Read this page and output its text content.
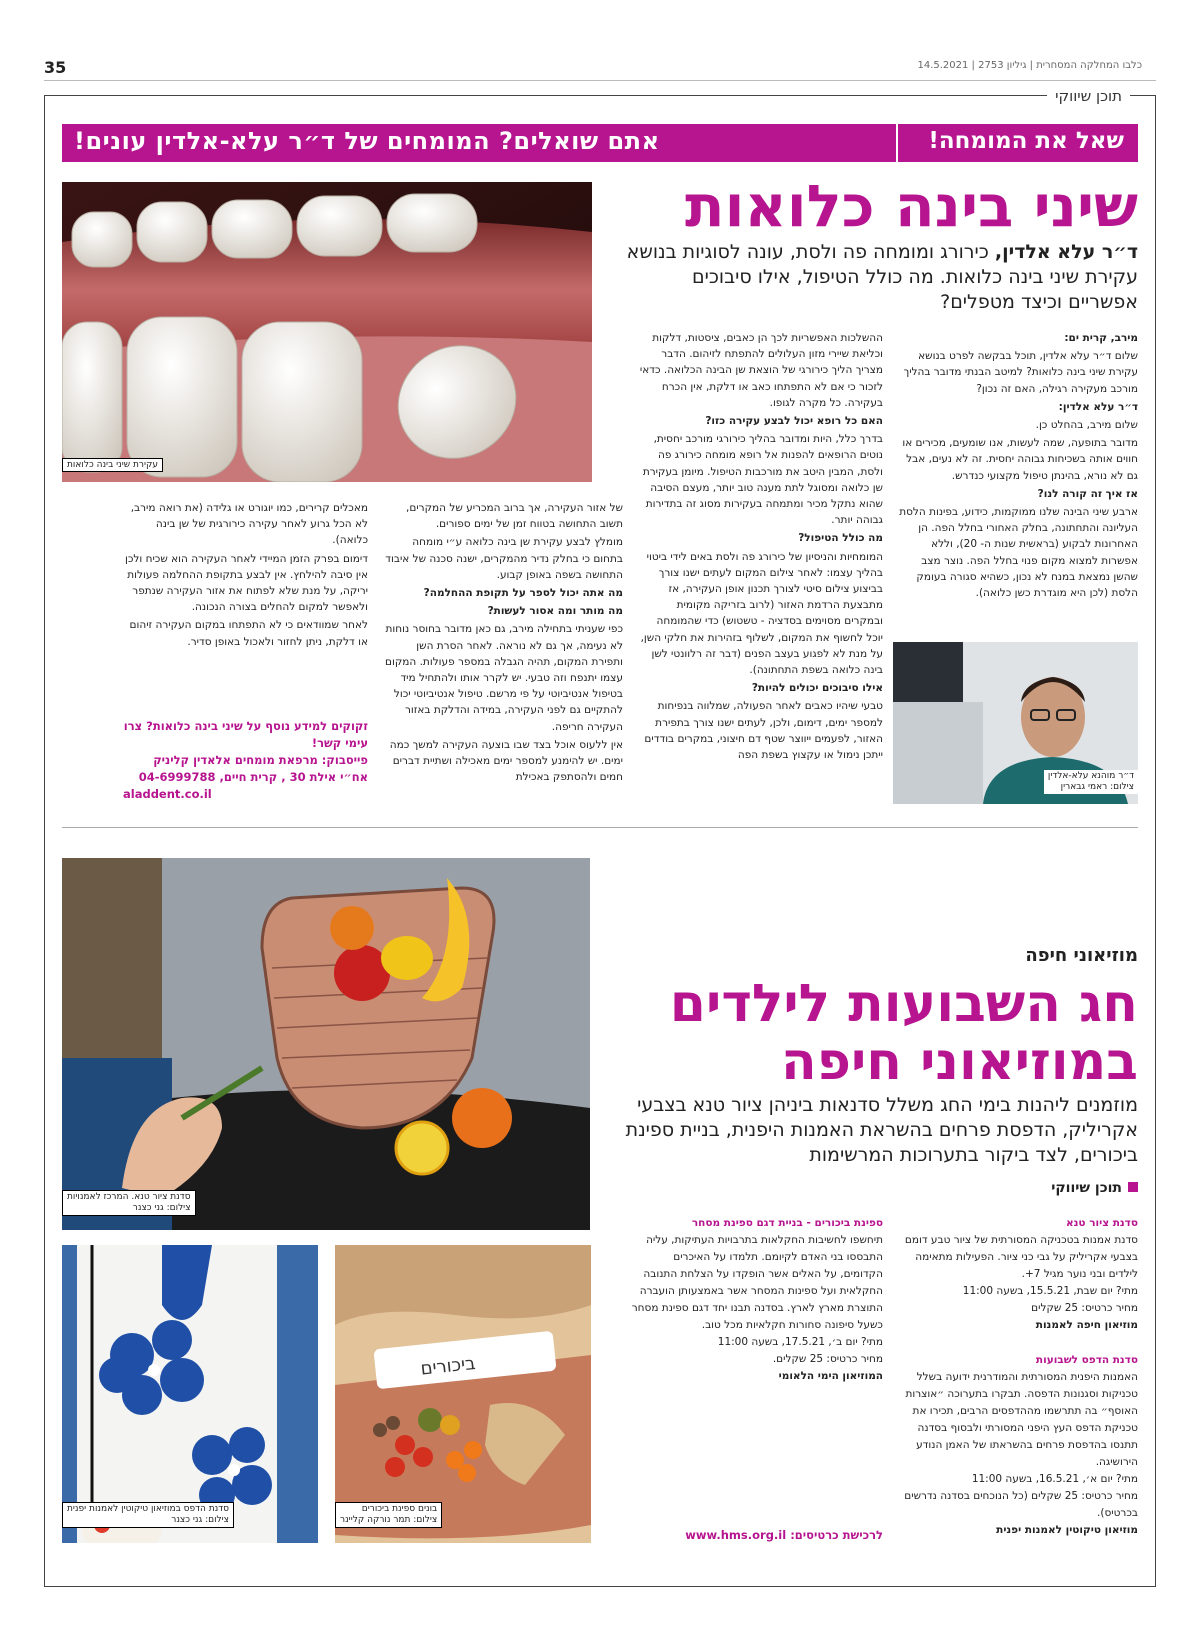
35	כלבו המחלקה המסחרית | גיליון 2753 | 14.5.2021
תוכן שיווקי
שאל את המומחה!
אתם שואלים? המומחים של ד״ר עלא-אלדין עונים!
שיני בינה כלואות
ד״ר עלא אלדין, כירורג ומומחה פה ולסת, עונה לסוגיות בנושא עקירת שיני בינה כלואות. מה כולל הטיפול, אילו סיבוכים אפשריים וכיצד מטפלים?
עקירת שיני בינה כלואות

מירב, קרית ים:

שלום ד״ר עלא אלדין, תוכל בבקשה לפרט בנושא עקירת שיני בינה כלואות? למיטב הבנתי מדובר בהליך מורכב מעקירה רגילה, האם זה נכון?

ד״ר עלא אלדין:

שלום מירב, בהחלט כן.

מדובר בתופעה, שמה לעשות, אנו שומעים, מכירים או חווים אותה בשכיחות גבוהה יחסית. זה לא נעים, אבל גם לא נורא, בהינתן טיפול מקצועי כנדרש.

אז איך זה קורה לנו?

ארבע שיני הבינה שלנו ממוקמות, כידוע, בפינות הלסת העליונה והתחתונה, בחלק האחורי בחלל הפה. הן האחרונות לבקוע (בראשית שנות ה- 20), וללא אפשרות למצוא מקום פנוי בחלל הפה. נוצר מצב שהשן נמצאת במנח לא נכון, כשהיא סגורה בעומק הלסת (לכן היא מוגדרת כשן כלואה).

ההשלכות האפשריות לכך הן כאבים, ציסטות, דלקות וכליאת שיירי מזון העלולים להתפתח לזיהום. הדבר מצריך הליך כירורגי של הוצאת שן הבינה הכלואה. כדאי לזכור כי אם לא התפתחו כאב או דלקת, אין הכרח בעקירה. כל מקרה לגופו.

האם כל רופא יכול לבצע עקירה כזו?

בדרך כלל, היות ומדובר בהליך כירורגי מורכב יחסית, נוטים הרופאים להפנות אל רופא מומחה כירורג פה ולסת, המבין היטב את מורכבות הטיפול. מיומן בעקירת שן כלואה ומסוגל לתת מענה טוב יותר, מעצם הסיבה שהוא נתקל מכיר ומתמחה בעקירות מסוג זה בתדירות גבוהה יותר.

מה כולל הטיפול?

המומחיות והניסיון של כירורג פה ולסת באים לידי ביטוי בהליך עצמו: לאחר צילום המקום לעתים ישנו צורך בביצוע צילום סיטי לצורך תכנון אופן העקירה, אז מתבצעת הרדמת האזור (לרוב בזריקה מקומית ובמקרים מסוימים בסדציה - טשטוש) כדי שהמומחה יוכל לחשוף את המקום, לשלוף בזהירות את חלקי השן, על מנת לא לפגוע בעצב הפנים (דבר זה רלוונטי לשן בינה כלואה בשפת התחתונה).

אילו סיבוכים יכולים להיות?

טבעי שיהיו כאבים לאחר הפעולה, שמלווה בנפיחות למספר ימים, דימום, ולכן, לעתים ישנו צורך בתפירת האזור, לפעמים ייווצר שטף דם חיצוני, במקרים בודדים ייתכן נימול או עקצוץ בשפת הפה

של אזור העקירה, אך ברוב המכריע של המקרים, תשוב התחושה בטווח זמן של ימים ספורים.

מומלץ לבצע עקירת שן בינה כלואה ע״י מומחה בתחום כי בחלק נדיר מהמקרים, ישנה סכנה של איבוד התחושה בשפה באופן קבוע.

מה אתה יכול לספר על תקופת ההחלמה?

מה מותר ומה אסור לעשות?

כפי שעניתי בתחילה מירב, גם כאן מדובר בחוסר נוחות לא נעימה, אך גם לא נוראה. לאחר הסרת השן ותפירת המקום, תהיה הגבלה במספר פעולות. המקום עצמו יתנפח וזה טבעי. יש לקרר אותו ולהתחיל מיד בטיפול אנטיביוטי על פי מרשם. טיפול אנטיביוטי יכול להתקיים גם לפני העקירה, במידה והדלקת באזור העקירה חריפה.

אין ללעוס אוכל בצד שבו בוצעה העקירה למשך כמה ימים. יש להימנע למספר ימים מאכילה ושתיית דברים חמים ולהסתפק באכילת

מאכלים קרירים, כמו יוגורט או גלידה (את רואה מירב, לא הכל גרוע לאחר עקירה כירורגית של שן בינה כלואה).

דימום בפרק הזמן המיידי לאחר העקירה הוא שכיח ולכן אין סיבה להילחץ. אין לבצע בתקופת ההחלמה פעולות יריקה, על מנת שלא לפתוח את אזור העקירה שנתפר ולאפשר למקום להחלים בצורה הנכונה.

לאחר שמוודאים כי לא התפתחו במקום העקירה זיהום או דלקת, ניתן לחזור ולאכול באופן סדיר.

זקוקים למידע נוסף על שיני בינה כלואות? צרו עימי קשר!
פייסבוק: מרפאת מומחים אלאדין קליניק
אח״י אילת 30 , קרית חיים, 04-6999788
aladdent.co.il
ד״ר מוהנא עלא-אלדין
צילום: ראמי גבארין
סדנת ציור טנא. המרכז לאמנויות
צילום: גני כצנר
מוזיאוני חיפה
חג השבועות לילדים במוזיאוני חיפה
מוזמנים ליהנות בימי החג משלל סדנאות ביניהן ציור טנא בצבעי אקריליק, הדפסת פרחים בהשראת האמנות היפנית, בניית ספינת ביכורים, לצד ביקור בתערוכות המרשימות
תוכן שיווקי

סדנת ציור טנא

סדנת אמנות בטכניקה המסורתית של ציור טבע דומם בצבעי אקריליק על גבי כני ציור. הפעילות מתאימה לילדים ובני נוער מגיל 7+.

מתי? יום שבת, 15.5.21, בשעה 11:00

מחיר כרטיס: 25 שקלים

מוזיאון חיפה לאמנות

סדנת הדפס לשבועות

האמנות היפנית המסורתית והמודרנית ידועה בשלל טכניקות וסגנונות הדפסה. תבקרו בתערוכה ״אוצרות האוסף״ בה תתרשמו מההדפסים הרבים, תכירו את טכניקת הדפס העץ היפני המסורתי ולבסוף בסדנה תתנסו בהדפסת פרחים בהשראתו של האמן הנודע הירושיגה.

מתי? יום א׳, 16.5.21, בשעה 11:00

מחיר כרטיס: 25 שקלים (כל הנוכחים בסדנה נדרשים בכרטיס).

מוזיאון טיקוטין לאמנות יפנית

ספינת ביכורים - בניית דגם ספינת מסחר

תיחשפו לחשיבות החקלאות בתרבויות העתיקות, עליה התבססו בני האדם לקיומם. תלמדו על האיכרים הקדומים, על האלים אשר הופקדו על הצלחת התנובה החקלאית ועל ספינות המסחר אשר באמצעותן הועברה התוצרת מארץ לארץ. בסדנה תבנו יחד דגם ספינת מסחר כשעל סיפונה סחורות חקלאיות מכל טוב.

מתי? יום ב׳, 17.5.21, בשעה 11:00

מחיר כרטיס: 25 שקלים.

המוזיאון הימי הלאומי

סדנת הדפס במוזיאון טיקוטין לאמנות יפנית
צילום: גני כצנר
ביכורים
בונים ספינת ביכורים
צילום: תמר נורקה קליינר
לרכישת כרטיסים: www.hms.org.il
